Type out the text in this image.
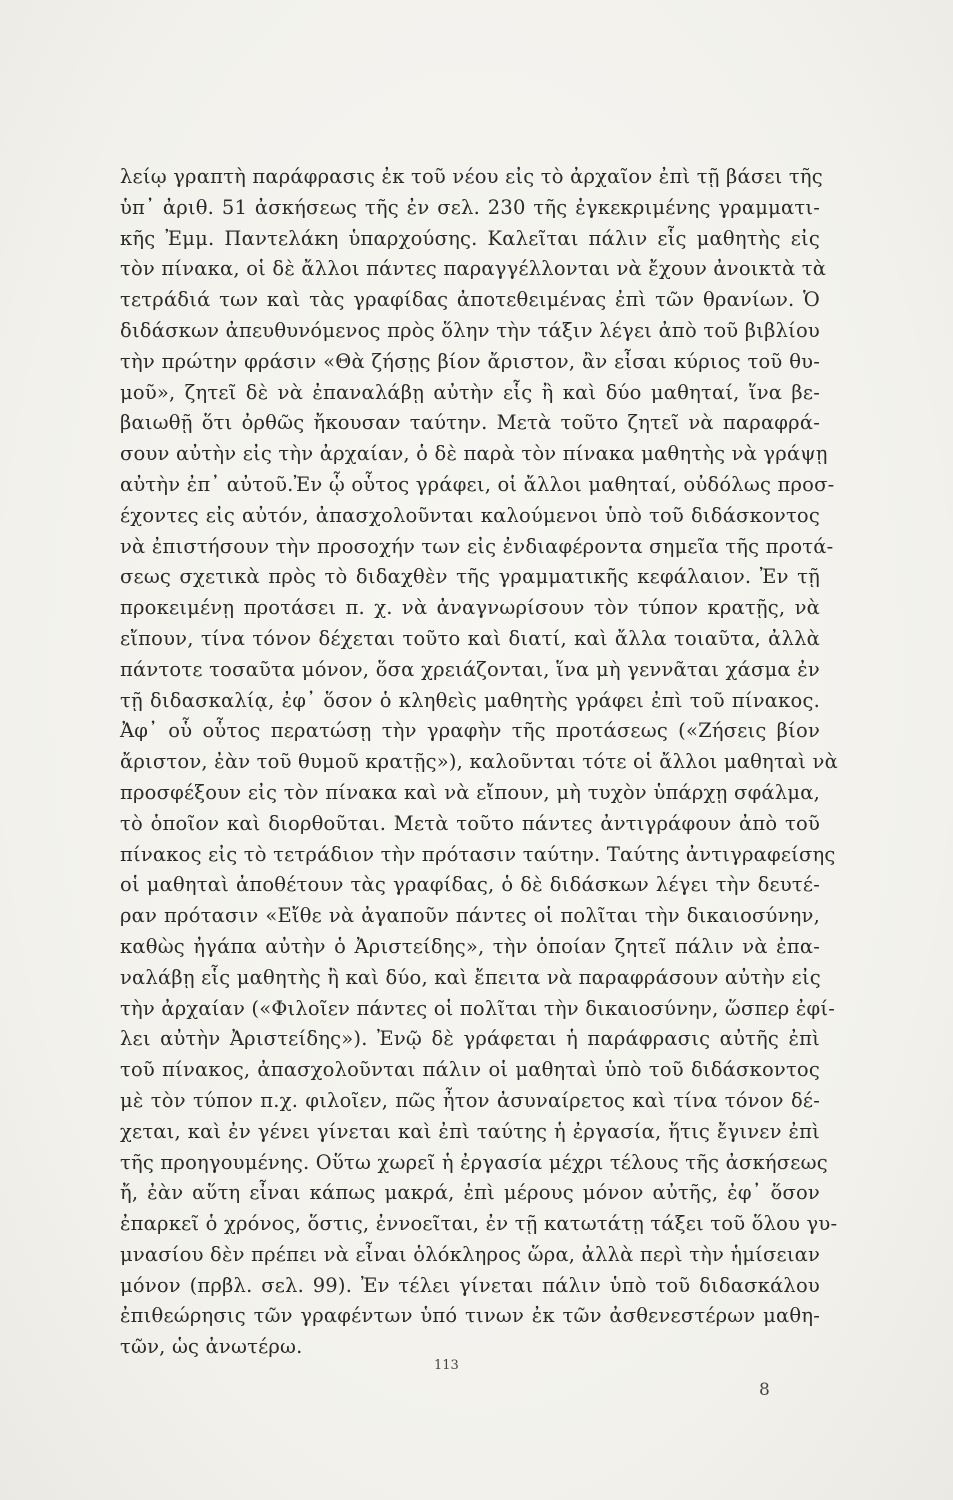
λείῳ γραπτὴ παράφρασις ἐκ τοῦ νέου εἰς τὸ ἀρχαῖον ἐπὶ τῇ βάσει τῆς
ὑπ᾽ ἀριθ. 51 ἀσκήσεως τῆς ἐν σελ. 230 τῆς ἐγκεκριμένης γραμματι-
κῆς Ἐμμ. Παντελάκη ὑπαρχούσης. Καλεῖται πάλιν εἷς μαθητὴς εἰς
τὸν πίνακα, οἱ δὲ ἄλλοι πάντες παραγγέλλονται νὰ ἔχουν ἀνοικτὰ τὰ
τετράδιά των καὶ τὰς γραφίδας ἀποτεθειμένας ἐπὶ τῶν θρανίων. Ὁ
διδάσκων ἀπευθυνόμενος πρὸς ὅλην τὴν τάξιν λέγει ἀπὸ τοῦ βιβλίου
τὴν πρώτην φράσιν «Θὰ ζήσῃς βίον ἄριστον, ἂν εἶσαι κύριος τοῦ θυ-
μοῦ», ζητεῖ δὲ νὰ ἐπαναλάβῃ αὐτὴν εἷς ἢ καὶ δύο μαθηταί, ἵνα βε-
βαιωθῇ ὅτι ὀρθῶς ἤκουσαν ταύτην. Μετὰ τοῦτο ζητεῖ νὰ παραφρά-
σουν αὐτὴν εἰς τὴν ἀρχαίαν, ὁ δὲ παρὰ τὸν πίνακα μαθητὴς νὰ γράψῃ
αὐτὴν ἐπ᾽ αὐτοῦ.Ἐν ᾧ οὗτος γράφει, οἱ ἄλλοι μαθηταί, οὐδόλως προσ-
έχοντες εἰς αὐτόν, ἀπασχολοῦνται καλούμενοι ὑπὸ τοῦ διδάσκοντος
νὰ ἐπιστήσουν τὴν προσοχήν των εἰς ἐνδιαφέροντα σημεῖα τῆς προτά-
σεως σχετικὰ πρὸς τὸ διδαχθὲν τῆς γραμματικῆς κεφάλαιον. Ἐν τῇ
προκειμένῃ προτάσει π. χ. νὰ ἀναγνωρίσουν τὸν τύπον κρατῇς, νὰ
εἴπουν, τίνα τόνον δέχεται τοῦτο καὶ διατί, καὶ ἄλλα τοιαῦτα, ἀλλὰ
πάντοτε τοσαῦτα μόνον, ὅσα χρειάζονται, ἵνα μὴ γεννᾶται χάσμα ἐν
τῇ διδασκαλίᾳ, ἐφ᾽ ὅσον ὁ κληθεὶς μαθητὴς γράφει ἐπὶ τοῦ πίνακος.
Ἀφ᾽ οὗ οὗτος περατώσῃ τὴν γραφὴν τῆς προτάσεως («Ζήσεις βίον
ἄριστον, ἐὰν τοῦ θυμοῦ κρατῇς»), καλοῦνται τότε οἱ ἄλλοι μαθηταὶ νὰ
προσφέξουν εἰς τὸν πίνακα καὶ νὰ εἴπουν, μὴ τυχὸν ὑπάρχῃ σφάλμα,
τὸ ὁποῖον καὶ διορθοῦται. Μετὰ τοῦτο πάντες ἀντιγράφουν ἀπὸ τοῦ
πίνακος εἰς τὸ τετράδιον τὴν πρότασιν ταύτην. Ταύτης ἀντιγραφείσης
οἱ μαθηταὶ ἀποθέτουν τὰς γραφίδας, ὁ δὲ διδάσκων λέγει τὴν δευτέ-
ραν πρότασιν «Εἴθε νὰ ἀγαποῦν πάντες οἱ πολῖται τὴν δικαιοσύνην,
καθὼς ἠγάπα αὐτὴν ὁ Ἀριστείδης», τὴν ὁποίαν ζητεῖ πάλιν νὰ ἐπα-
ναλάβῃ εἷς μαθητὴς ἢ καὶ δύο, καὶ ἔπειτα νὰ παραφράσουν αὐτὴν εἰς
τὴν ἀρχαίαν («Φιλοῖεν πάντες οἱ πολῖται τὴν δικαιοσύνην, ὥσπερ ἐφί-
λει αὐτὴν Ἀριστείδης»). Ἐνῷ δὲ γράφεται ἡ παράφρασις αὐτῆς ἐπὶ
τοῦ πίνακος, ἀπασχολοῦνται πάλιν οἱ μαθηταὶ ὑπὸ τοῦ διδάσκοντος
μὲ τὸν τύπον π.χ. φιλοῖεν, πῶς ἦτον ἀσυναίρετος καὶ τίνα τόνον δέ-
χεται, καὶ ἐν γένει γίνεται καὶ ἐπὶ ταύτης ἡ ἐργασία, ἥτις ἔγινεν ἐπὶ
τῆς προηγουμένης. Οὕτω χωρεῖ ἡ ἐργασία μέχρι τέλους τῆς ἀσκήσεως
ἤ, ἐὰν αὕτη εἶναι κάπως μακρά, ἐπὶ μέρους μόνον αὐτῆς, ἐφ᾽ ὅσον
ἐπαρκεῖ ὁ χρόνος, ὅστις, ἐννοεῖται, ἐν τῇ κατωτάτῃ τάξει τοῦ ὅλου γυ-
μνασίου δὲν πρέπει νὰ εἶναι ὁλόκληρος ὥρα, ἀλλὰ περὶ τὴν ἡμίσειαν
μόνον (πρβλ. σελ. 99). Ἐν τέλει γίνεται πάλιν ὑπὸ τοῦ διδασκάλου
ἐπιθεώρησις τῶν γραφέντων ὑπό τινων ἐκ τῶν ἀσθενεστέρων μαθη-
τῶν, ὡς ἀνωτέρω.
113
8
